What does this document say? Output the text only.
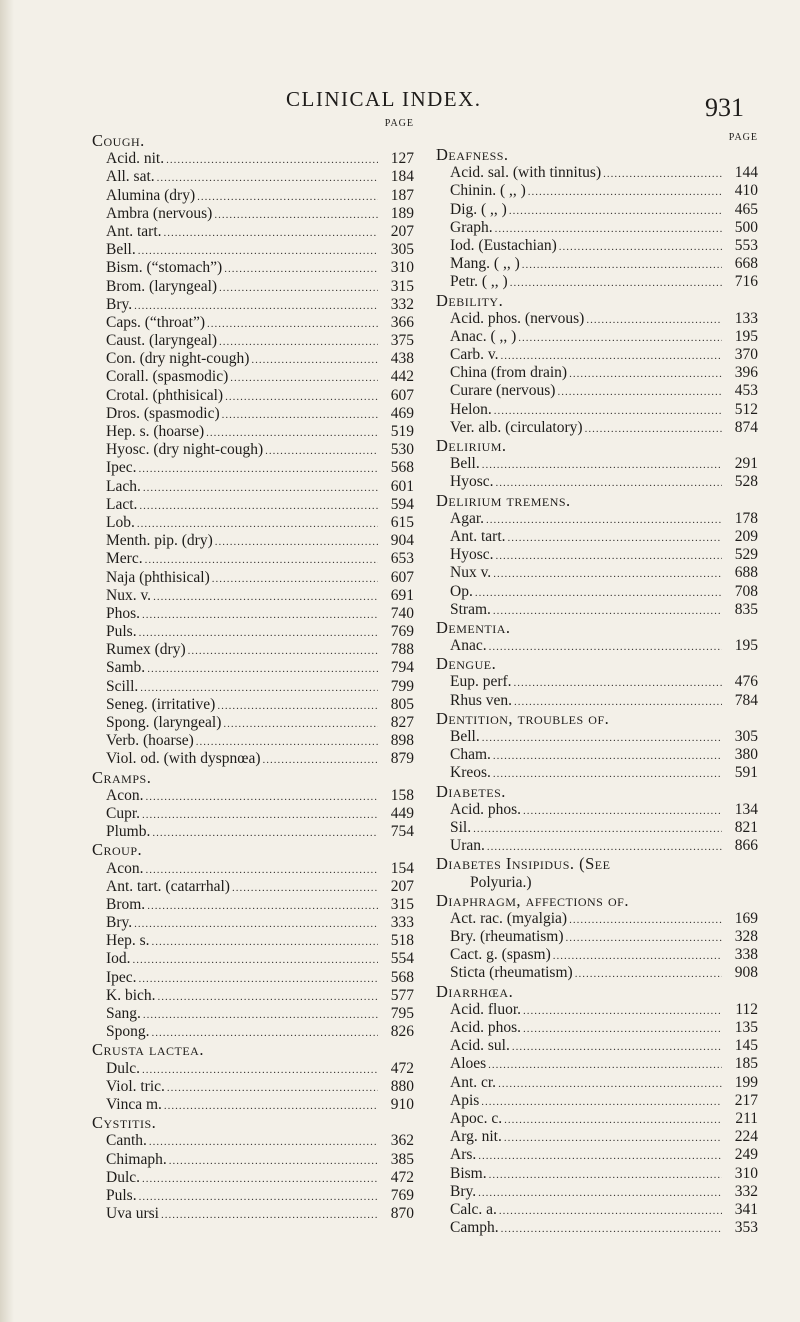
CLINICAL INDEX.	931
PAGE
Cough.
Acid. nit. .....	127
All. sat. .....	184
Alumina (dry) .....	187
Ambra (nervous) .....	189
Ant. tart. .....	207
Bell. .....	305
Bism. (“stomach”) .....	310
Brom. (laryngeal) .....	315
Bry. .....	332
Caps. (“throat”) .....	366
Caust. (laryngeal) .....	375
Con. (dry night-cough) .....	438
Corall. (spasmodic) .....	442
Crotal. (phthisical) .....	607
Dros. (spasmodic) .....	469
Hep. s. (hoarse) .....	519
Hyosc. (dry night-cough) .....	530
Ipec. .....	568
Lach. .....	601
Lact. .....	594
Lob. .....	615
Menth. pip. (dry) .....	904
Merc. .....	653
Naja (phthisical) .....	607
Nux. v. .....	691
Phos. .....	740
Puls. .....	769
Rumex (dry) .....	788
Samb. .....	794
Scill. .....	799
Seneg. (irritative) .....	805
Spong. (laryngeal) .....	827
Verb. (hoarse) .....	898
Viol. od. (with dyspnœa) .....	879
Cramps.
Acon. .....	158
Cupr. .....	449
Plumb. .....	754
Croup.
Acon. .....	154
Ant. tart. (catarrhal) .....	207
Brom. .....	315
Bry. .....	333
Hep. s. .....	518
Iod. .....	554
Ipec. .....	568
K. bich. .....	577
Sang. .....	795
Spong. .....	826
Crusta lactea.
Dulc. .....	472
Viol. tric. .....	880
Vinca m. .....	910
Cystitis.
Canth. .....	362
Chimaph. .....	385
Dulc. .....	472
Puls. .....	769
Uva ursi .....	870
PAGE
Deafness.
Acid. sal. (with tinnitus) .....	144
Chinin. ( ,, ) .....	410
Dig. ( ,, ) .....	465
Graph. .....	500
Iod. (Eustachian) .....	553
Mang. ( ,, ) .....	668
Petr. ( ,, ) .....	716
Debility.
Acid. phos. (nervous) .....	133
Anac. ( ,, ) .....	195
Carb. v. .....	370
China (from drain) .....	396
Curare (nervous) .....	453
Helon. .....	512
Ver. alb. (circulatory) .....	874
Delirium.
Bell. .....	291
Hyosc. .....	528
Delirium tremens.
Agar. .....	178
Ant. tart. .....	209
Hyosc. .....	529
Nux v. .....	688
Op. .....	708
Stram. .....	835
Dementia.
Anac. .....	195
Dengue.
Eup. perf. .....	476
Rhus ven. .....	784
Dentition, troubles of.
Bell. .....	305
Cham. .....	380
Kreos. .....	591
Diabetes.
Acid. phos. .....	134
Sil. .....	821
Uran. .....	866
Diabetes Insipidus. (See
Polyuria.)
Diaphragm, affections of.
Act. rac. (myalgia) .....	169
Bry. (rheumatism) .....	328
Cact. g. (spasm) .....	338
Sticta (rheumatism) .....	908
Diarrhœa.
Acid. fluor. .....	112
Acid. phos. .....	135
Acid. sul. .....	145
Aloes .....	185
Ant. cr. .....	199
Apis .....	217
Apoc. c. .....	211
Arg. nit. .....	224
Ars. .....	249
Bism. .....	310
Bry. .....	332
Calc. a. .....	341
Camph. .....	353
